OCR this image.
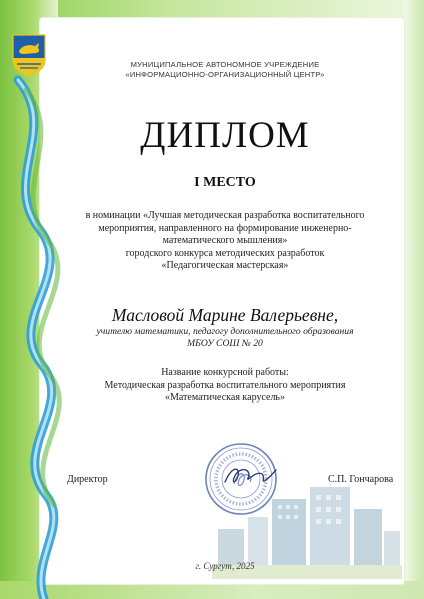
МУНИЦИПАЛЬНОЕ АВТОНОМНОЕ УЧРЕЖДЕНИЕ
«ИНФОРМАЦИОННО-ОРГАНИЗАЦИОННЫЙ ЦЕНТР»
ДИПЛОМ
I МЕСТО
в номинации «Лучшая методическая разработка воспитательного
мероприятия, направленного на формирование инженерно-
математического мышления»
городского конкурса методических разработок
«Педагогическая мастерская»
Масловой Марине Валерьевне,
учителю математики, педагогу дополнительного образования
МБОУ СОШ № 20
Название конкурсной работы:
Методическая разработка воспитательного мероприятия
«Математическая карусель»
Директор	С.П. Гончарова
г. Сургут, 2025
